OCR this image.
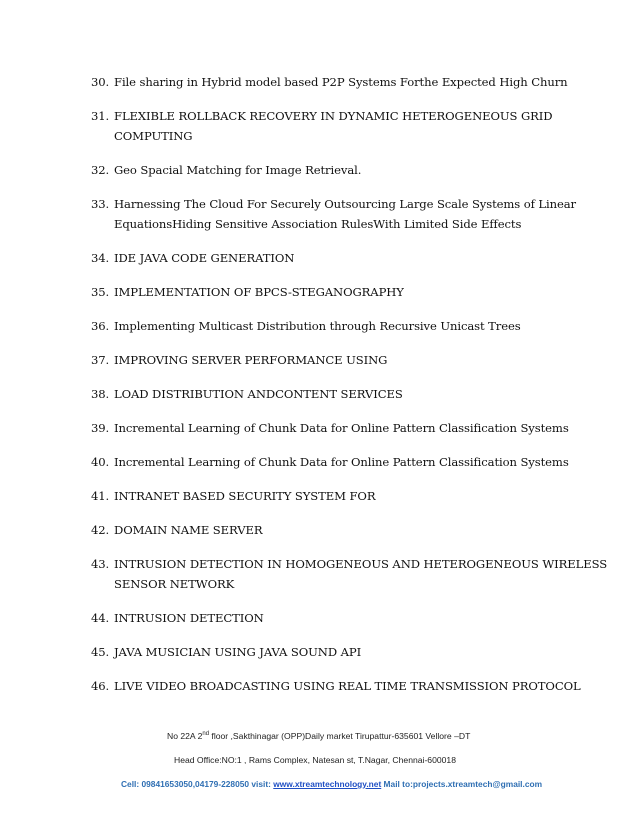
30. File sharing in Hybrid model based P2P Systems Forthe Expected High Churn
31. FLEXIBLE ROLLBACK RECOVERY IN DYNAMIC HETEROGENEOUS GRID
COMPUTING
32. Geo Spacial Matching for Image Retrieval.
33. Harnessing The Cloud For Securely Outsourcing Large Scale Systems of Linear
EquationsHiding Sensitive Association RulesWith Limited Side Effects
34. IDE JAVA CODE GENERATION
35. IMPLEMENTATION OF BPCS-STEGANOGRAPHY
36. Implementing Multicast Distribution through Recursive Unicast Trees
37. IMPROVING SERVER PERFORMANCE USING
38. LOAD DISTRIBUTION ANDCONTENT SERVICES
39. Incremental Learning of Chunk Data for Online Pattern Classification Systems
40. Incremental Learning of Chunk Data for Online Pattern Classification Systems
41. INTRANET BASED SECURITY SYSTEM FOR
42. DOMAIN NAME SERVER
43. INTRUSION DETECTION IN HOMOGENEOUS AND HETEROGENEOUS WIRELESS
SENSOR NETWORK
44. INTRUSION DETECTION
45. JAVA MUSICIAN USING JAVA SOUND API
46. LIVE VIDEO BROADCASTING USING REAL TIME TRANSMISSION PROTOCOL
No 22A 2nd floor ,Sakthinagar (OPP)Daily market Tirupattur-635601 Vellore –DT
Head Office:NO:1 , Rams Complex, Natesan st, T.Nagar, Chennai-600018
Cell: 09841653050,04179-228050 visit: www.xtreamtechnology.net Mail to:projects.xtreamtech@gmail.com
